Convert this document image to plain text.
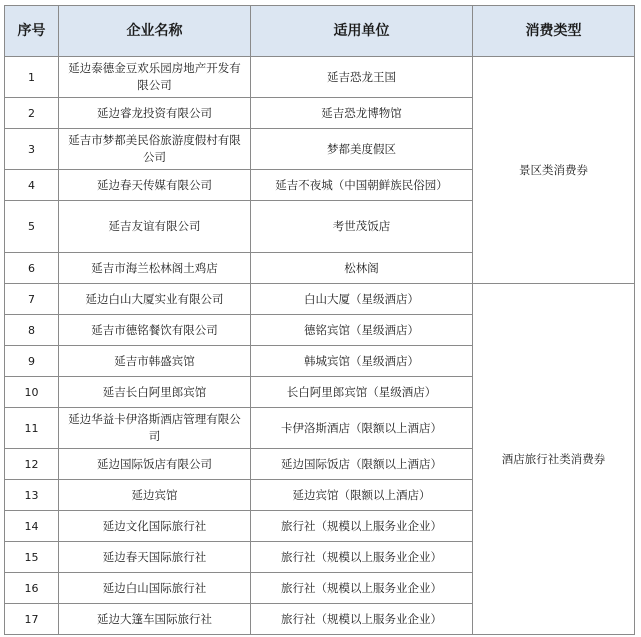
序号	企业名称	适用单位	消费类型
1	延边泰德金豆欢乐园房地产开发有限公司	延吉恐龙王国	景区类消费券
2	延边睿龙投资有限公司	延吉恐龙博物馆	
3	延吉市梦都美民俗旅游度假村有限公司	梦都美度假区	
4	延边春天传媒有限公司	延吉不夜城（中国朝鲜族民俗园）	
5	延吉友谊有限公司	考世茂饭店	
6	延吉市海兰松林阁土鸡店	松林阁	
7	延边白山大厦实业有限公司	白山大厦（星级酒店）	酒店旅行社类消费券
8	延吉市德铭餐饮有限公司	德铭宾馆（星级酒店）	
9	延吉市韩盛宾馆	韩城宾馆（星级酒店）	
10	延吉长白阿里郎宾馆	长白阿里郎宾馆（星级酒店）	
11	延边华益卡伊洛斯酒店管理有限公司	卡伊洛斯酒店（限额以上酒店）	
12	延边国际饭店有限公司	延边国际饭店（限额以上酒店）	
13	延边宾馆	延边宾馆（限额以上酒店）	
14	延边文化国际旅行社	旅行社（规模以上服务业企业）	
15	延边春天国际旅行社	旅行社（规模以上服务业企业）	
16	延边白山国际旅行社	旅行社（规模以上服务业企业）	
17	延边大篷车国际旅行社	旅行社（规模以上服务业企业）	
